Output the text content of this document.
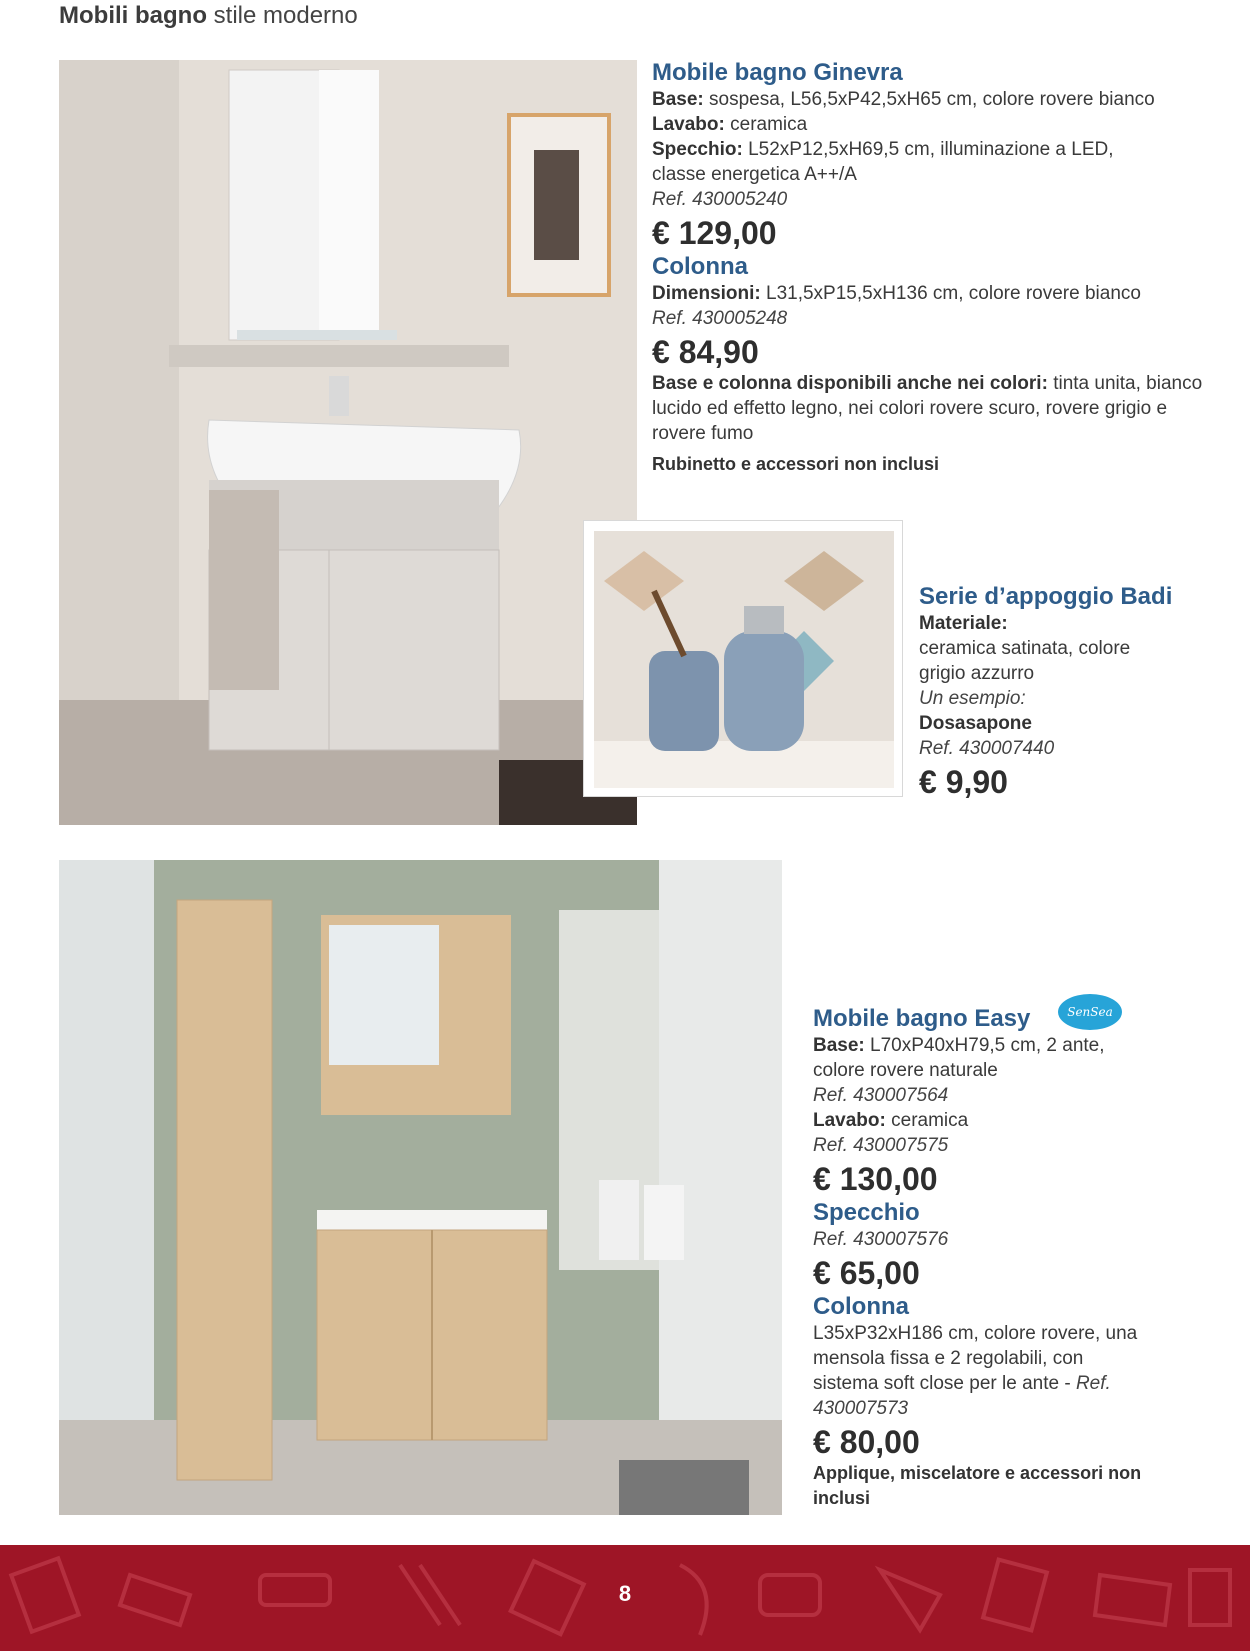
Mobili bagno stile moderno
Mobile bagno Ginevra
Base: sospesa, L56,5xP42,5xH65 cm, colore rovere bianco
Lavabo: ceramica
Specchio: L52xP12,5xH69,5 cm, illuminazione a LED, classe energetica A++/A
Ref. 430005240
€ 129,00
Colonna
Dimensioni: L31,5xP15,5xH136 cm, colore rovere bianco
Ref. 430005248
€ 84,90
Base e colonna disponibili anche nei colori: tinta unita, bianco lucido ed effetto legno, nei colori rovere scuro, rovere grigio e rovere fumo
Rubinetto e accessori non inclusi
Serie d’appoggio Badi
Materiale:
ceramica satinata, colore grigio azzurro
Un esempio:
Dosasapone
Ref. 430007440
€ 9,90
SenSea
Mobile bagno Easy
Base: L70xP40xH79,5 cm, 2 ante, colore rovere naturale
Ref. 430007564
Lavabo: ceramica
Ref. 430007575
€ 130,00
Specchio
Ref. 430007576
€ 65,00
Colonna
L35xP32xH186 cm, colore rovere, una mensola fissa e 2 regolabili, con sistema soft close per le ante - Ref. 430007573
€ 80,00
Applique, miscelatore e accessori non inclusi
8
